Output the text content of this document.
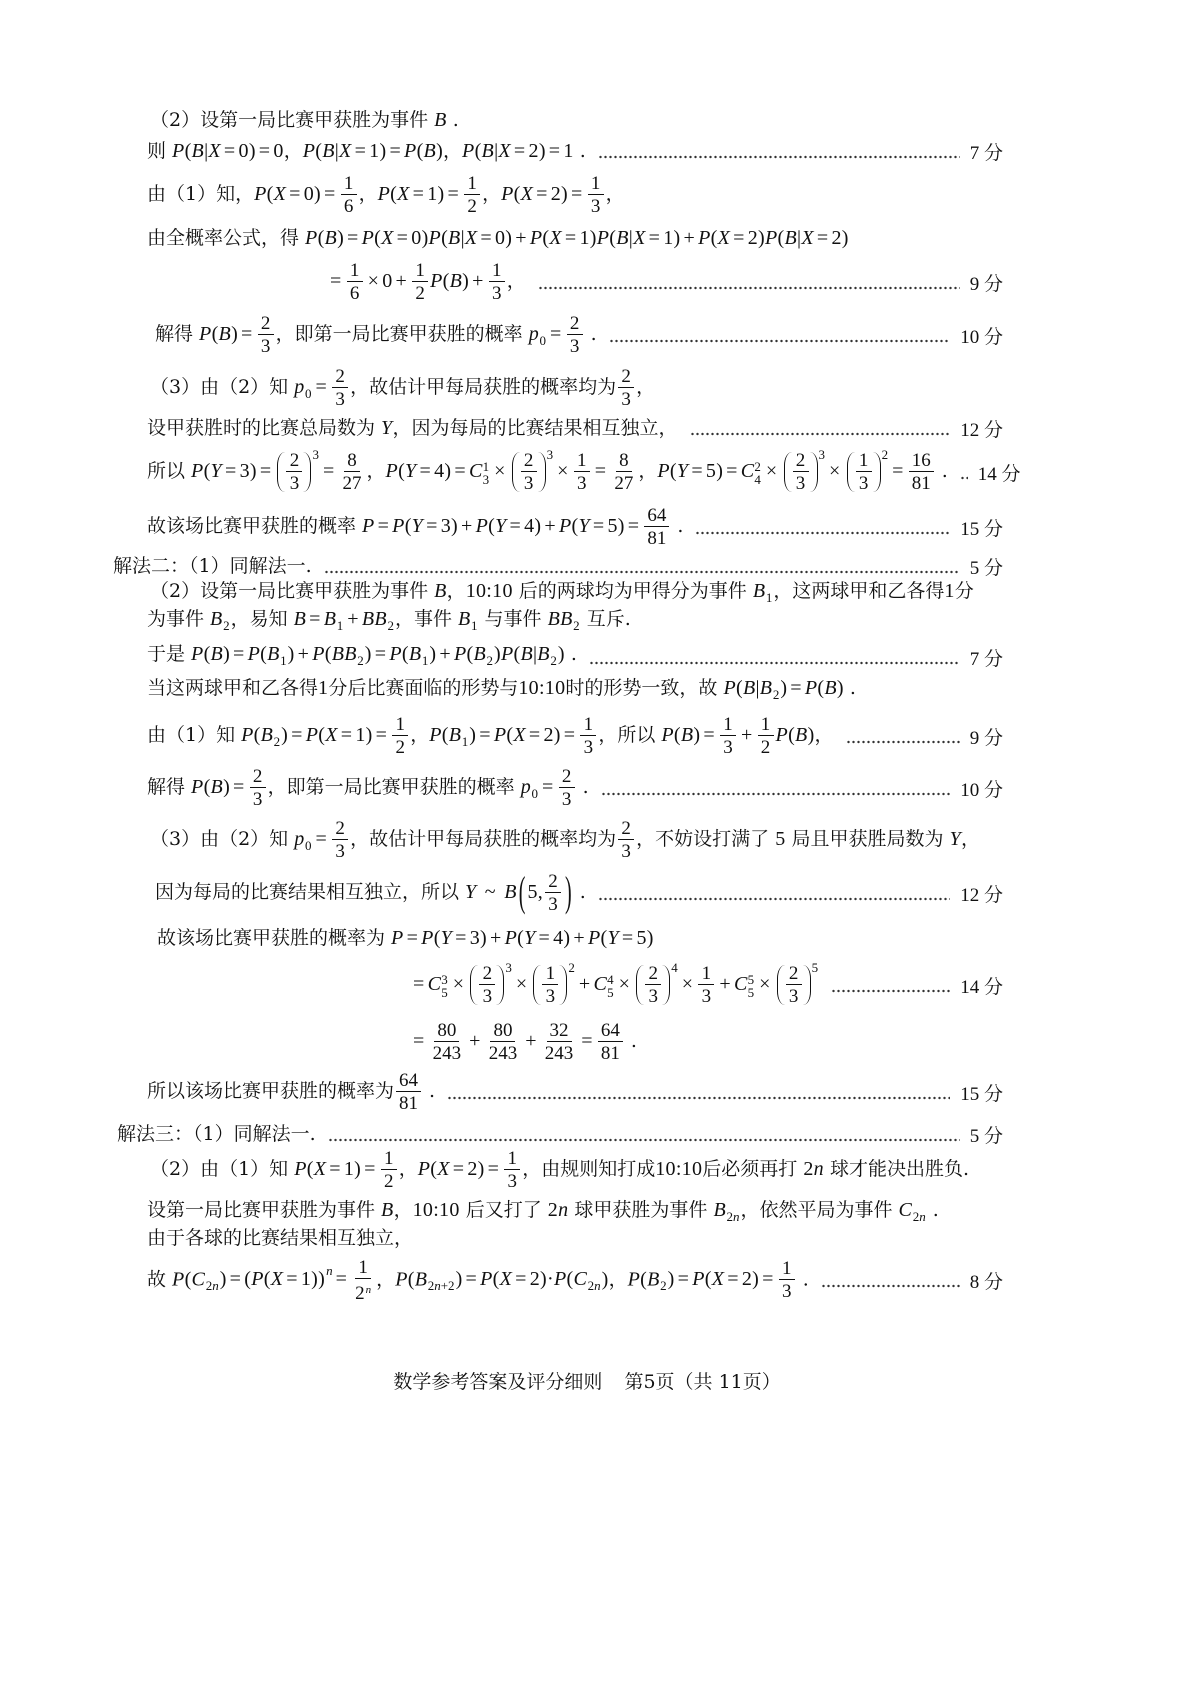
数学参考答案及评分细则 第5页（共 11页）

（2）设第一局比赛甲获胜为事件 B .
则 P(B|X = 0) = 0，P(B|X = 1) = P(B)，P(B|X = 2) = 1 .	7 分
由（1）知，$P(X = 0) = \frac{1}{6}$ ，$P(X = 1) = \frac{1}{2}$ ，$P(X = 2) = \frac{1}{3}$ ，
由全概率公式，得 P(B) = P(X = 0)P(B|X = 0) + P(X = 1)P(B|X = 1) + P(X = 2)P(B|X = 2)
= $\frac{1}{6} \times 0 + \frac{1}{2} P(B) + \frac{1}{3}$ ，	9 分
解得 $P(B) = \frac{2}{3}$ ，即第一局比赛甲获胜的概率 $p_0 = \frac{2}{3}$ .	10 分
（3）由（2）知 $p_0 = \frac{2}{3}$ ，故估计甲每局获胜的概率均为 $\frac{2}{3}$ ，
设甲获胜时的比赛总局数为 Y，因为每局的比赛结果相互独立，	12 分
所以 $P(Y = 3) = \frac{2}{3} 3$
= $\frac{8}{27}$ ，P(Y = 4) = C 1
$3 \times \frac{2}{3} 3$
× $\frac{1}{3} = \frac{8}{27}$ ，P(Y = 5) = C 2
$4 \times \frac{2}{3} 3$
× $\frac{1}{3} 2$
= $\frac{16}{81}$ . 14 分
故该场比赛甲获胜的概率 $P = P(Y = 3) + P(Y = 4) + P(Y = 5) = \frac{64}{81}$ .	15 分
解法二：（1）同解法一.	5 分
（2）设第一局比赛甲获胜为事件 B，10:10 后的两球均为甲得分为事件 $B_1$，这两球甲和乙各得1分
为事件 $B_2$，易知 $B = B_1 + BB_2$，事件 $B_1$ 与事件 $BB_2$ 互斥.
于是 $P(B) = P(B_1) + P(BB_2) = P(B_1) + P(B_2)P(B|B_2)$ .	7 分
当这两球甲和乙各得1分后比赛面临的形势与10:10时的形势一致，故 $P(B|B_2) = P(B)$ .
由（1）知 $P(B_2) = P(X = 1) = \frac{1}{2}$ ，$P(B_1) = P(X = 2) = \frac{1}{3}$ ，所以 $P(B) = \frac{1}{3} + \frac{1}{2} P(B)$，	9 分
解得 $P(B) = \frac{2}{3}$ ，即第一局比赛甲获胜的概率 $p_0 = \frac{2}{3}$ .	10 分
（3）由（2）知 $p_0 = \frac{2}{3}$ ，故估计甲每局获胜的概率均为 $\frac{2}{3}$ ，不妨设打满了 5 局且甲获胜局数为 Y，
因为每局的比赛结果相互独立，所以 Y ~ B ( 5, $\frac{2}{3}$ ) .	12 分
故该场比赛甲获胜的概率为 P = P(Y = 3) + P(Y = 4) + P(Y = 5)
= C 3
$5 \times \frac{2}{3} 3$
× $\frac{1}{3} 2$
+ C 4
$5 \times \frac{2}{3} 4$
× $\frac{1}{3} + C$ 5
$5 \times \frac{2}{3} 5$
14 分
= $\frac{80}{243} + \frac{80}{243} + \frac{32}{243} = \frac{64}{81}$ .
所以该场比赛甲获胜的概率为 $\frac{64}{81}$ .	15 分
解法三：（1）同解法一.	5 分
（2）由（1）知 $P(X = 1) = \frac{1}{2}$ ，$P(X = 2) = \frac{1}{3}$ ，由规则知打成10:10后必须再打 2n 球才能决出胜负.
设第一局比赛甲获胜为事件 B，10:10 后又打了 2n 球甲获胜为事件 $B_{2n}$，依然平局为事件 $C_{2n}$ .
由于各球的比赛结果相互独立，
故 $P(C_{2n}) = (P(X = 1))^n = \frac{1}{2^n}$ ，$P(B_{2n+2}) = P(X = 2)\cdot P(C_{2n})$，$P(B_2) = P(X = 2) = \frac{1}{3}$ .	8 分
